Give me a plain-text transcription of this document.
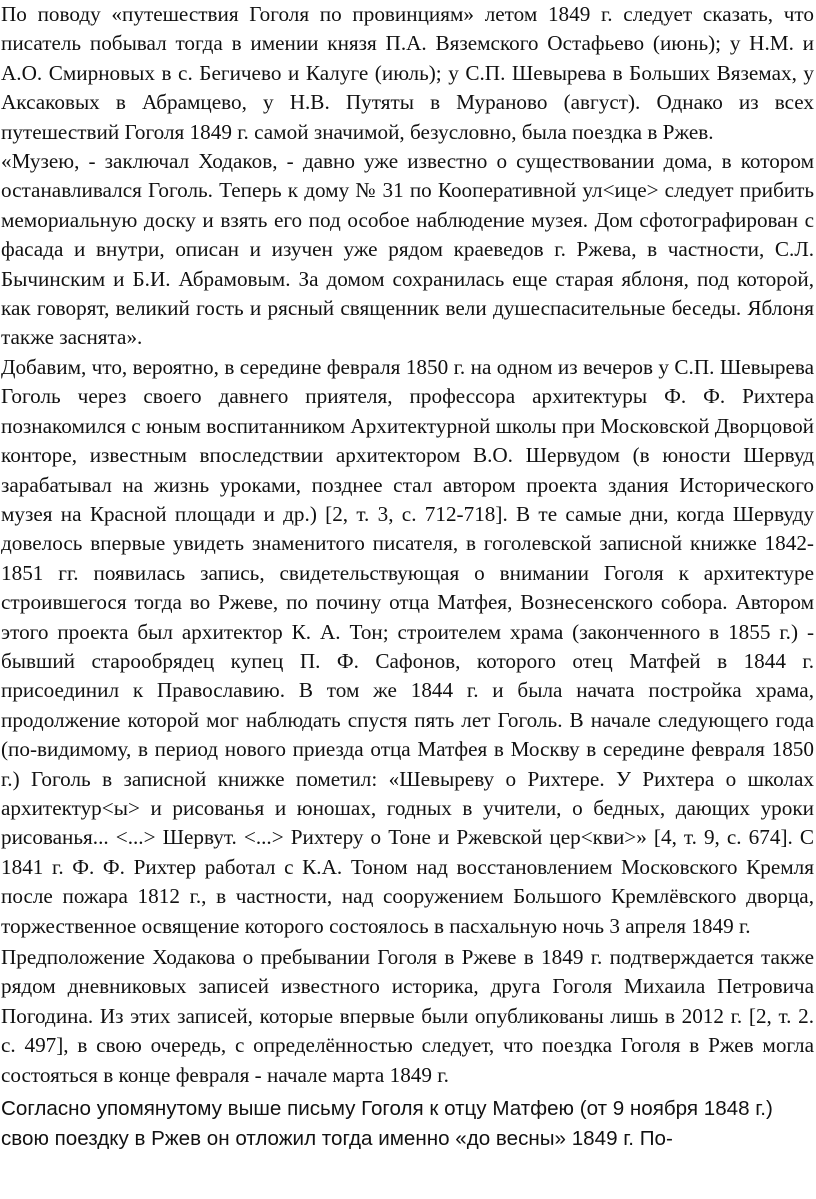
По поводу «путешествия Гоголя по провинциям» летом 1849 г. следует сказать, что писатель побывал тогда в имении князя П.А. Вяземского Остафьево (июнь); у Н.М. и А.О. Смирновых в с. Бегичево и Калуге (июль); у С.П. Шевырева в Больших Вяземах, у Аксаковых в Абрамцево, у Н.В. Путяты в Мураново (август). Однако из всех путешествий Гоголя 1849 г. самой значимой, безусловно, была поездка в Ржев.

«Музею, - заключал Ходаков, - давно уже известно о существовании дома, в котором останавливался Гоголь. Теперь к дому № 31 по Кооперативной ул<ице> следует прибить мемориальную доску и взять его под особое наблюдение музея. Дом сфотографирован с фасада и внутри, описан и изучен уже рядом краеведов г. Ржева, в частности, С.Л. Бычинским и Б.И. Абрамовым. За домом сохранилась еще старая яблоня, под которой, как говорят, великий гость и рясный священник вели душеспасительные беседы. Яблоня также заснята».

Добавим, что, вероятно, в середине февраля 1850 г. на одном из вечеров у С.П. Шевырева Гоголь через своего давнего приятеля, профессора архитектуры Ф. Ф. Рихтера познакомился с юным воспитанником Архитектурной школы при Московской Дворцовой конторе, известным впоследствии архитектором В.О. Шервудом (в юности Шервуд зарабатывал на жизнь уроками, позднее стал автором проекта здания Исторического музея на Красной площади и др.) [2, т. 3, с. 712-718]. В те самые дни, когда Шервуду довелось впервые увидеть знаменитого писателя, в гоголевской записной книжке 1842-1851 гг. появилась запись, свидетельствующая о внимании Гоголя к архитектуре строившегося тогда во Ржеве, по почину отца Матфея, Вознесенского собора. Автором этого проекта был архитектор К. А. Тон; строителем храма (законченного в 1855 г.) - бывший старообрядец купец П. Ф. Сафонов, которого отец Матфей в 1844 г. присоединил к Православию. В том же 1844 г. и была начата постройка храма, продолжение которой мог наблюдать спустя пять лет Гоголь. В начале следующего года (по-видимому, в период нового приезда отца Матфея в Москву в середине февраля 1850 г.) Гоголь в записной книжке пометил: «Шевыреву о Рихтере. У Рихтера о школах архитектур<ы> и рисованья и юношах, годных в учители, о бедных, дающих уроки рисованья... <...> Шервут. <...> Рихтеру о Тоне и Ржевской цер<кви>» [4, т. 9, с. 674]. С 1841 г. Ф. Ф. Рихтер работал с К.А. Тоном над восстановлением Московского Кремля после пожара 1812 г., в частности, над сооружением Большого Кремлёвского дворца, торжественное освящение которого состоялось в пасхальную ночь 3 апреля 1849 г.

Предположение Ходакова о пребывании Гоголя в Ржеве в 1849 г. подтверждается также рядом дневниковых записей известного историка, друга Гоголя Михаила Петровича Погодина. Из этих записей, которые впервые были опубликованы лишь в 2012 г. [2, т. 2. с. 497], в свою очередь, с определённостью следует, что поездка Гоголя в Ржев могла состояться в конце февраля - начале марта 1849 г.

Согласно упомянутому выше письму Гоголя к отцу Матфею (от 9 ноября 1848 г.) свою поездку в Ржев он отложил тогда именно «до весны» 1849 г. По-
